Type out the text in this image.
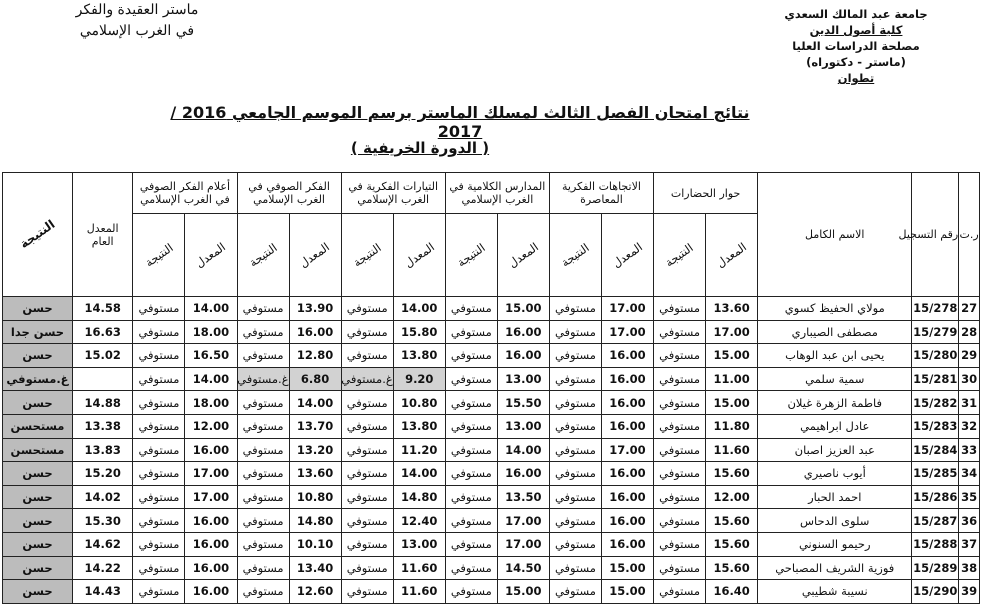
ماستر العقيدة والفكر
في الغرب الإسلامي
جامعة عبد المالك السعدي
كلية أصول الدين
مصلحة الدراسات العليا
(ماستر - دكتوراه)
تطوان
نتائج امتحان الفصل الثالث لمسلك الماستر برسم الموسم الجامعي 2016 / 2017
( الدورة الخريفية )
ر.ت	رقم التسجيل	الاسم الكامل	حوار الحضارات		الاتجاهات الفكرية المعاصرة		المدارس الكلامية في الغرب الإسلامي		التيارات الفكرية في الغرب الإسلامي		الفكر الصوفي في الغرب الإسلامي		أعلام الفكر الصوفي في الغرب الإسلامي		المعدل
العام	النتيجة
			المعدل	النتيجة	المعدل	النتيجة	المعدل	النتيجة	المعدل	النتيجة	المعدل	النتيجة	المعدل	النتيجة		
27	15/278	مولاي الحفيظ كسوي	13.60	مستوفي	17.00	مستوفي	15.00	مستوفي	14.00	مستوفي	13.90	مستوفي	14.00	مستوفي	14.58	حسن
28	15/279	مصطفى الصيباري	17.00	مستوفي	17.00	مستوفي	16.00	مستوفي	15.80	مستوفي	16.00	مستوفي	18.00	مستوفي	16.63	حسن جدا
29	15/280	يحيى ابن عبد الوهاب	15.00	مستوفي	16.00	مستوفي	16.00	مستوفي	13.80	مستوفي	12.80	مستوفي	16.50	مستوفي	15.02	حسن
30	15/281	سمية سلمي	11.00	مستوفي	16.00	مستوفي	13.00	مستوفي	9.20	غ.مستوفي	6.80	غ.مستوفي	14.00	مستوفي		غ.مستوفي
31	15/282	فاطمة الزهرة غيلان	15.00	مستوفي	16.00	مستوفي	15.50	مستوفي	10.80	مستوفي	14.00	مستوفي	18.00	مستوفي	14.88	حسن
32	15/283	عادل ابراهيمي	11.80	مستوفي	16.00	مستوفي	13.00	مستوفي	13.80	مستوفي	13.70	مستوفي	12.00	مستوفي	13.38	مستحسن
33	15/284	عبد العزيز اصبان	11.60	مستوفي	17.00	مستوفي	14.00	مستوفي	11.20	مستوفي	13.20	مستوفي	16.00	مستوفي	13.83	مستحسن
34	15/285	أيوب ناصيري	15.60	مستوفي	16.00	مستوفي	16.00	مستوفي	14.00	مستوفي	13.60	مستوفي	17.00	مستوفي	15.20	حسن
35	15/286	احمد الحبار	12.00	مستوفي	16.00	مستوفي	13.50	مستوفي	14.80	مستوفي	10.80	مستوفي	17.00	مستوفي	14.02	حسن
36	15/287	سلوى الدحاس	15.60	مستوفي	16.00	مستوفي	17.00	مستوفي	12.40	مستوفي	14.80	مستوفي	16.00	مستوفي	15.30	حسن
37	15/288	رحيمو السنوني	15.60	مستوفي	16.00	مستوفي	17.00	مستوفي	13.00	مستوفي	10.10	مستوفي	16.00	مستوفي	14.62	حسن
38	15/289	فوزية الشريف المصباحي	15.60	مستوفي	15.00	مستوفي	14.50	مستوفي	11.60	مستوفي	13.40	مستوفي	16.00	مستوفي	14.22	حسن
39	15/290	نسيبة شطيبي	16.40	مستوفي	15.00	مستوفي	15.00	مستوفي	11.60	مستوفي	12.60	مستوفي	16.00	مستوفي	14.43	حسن
